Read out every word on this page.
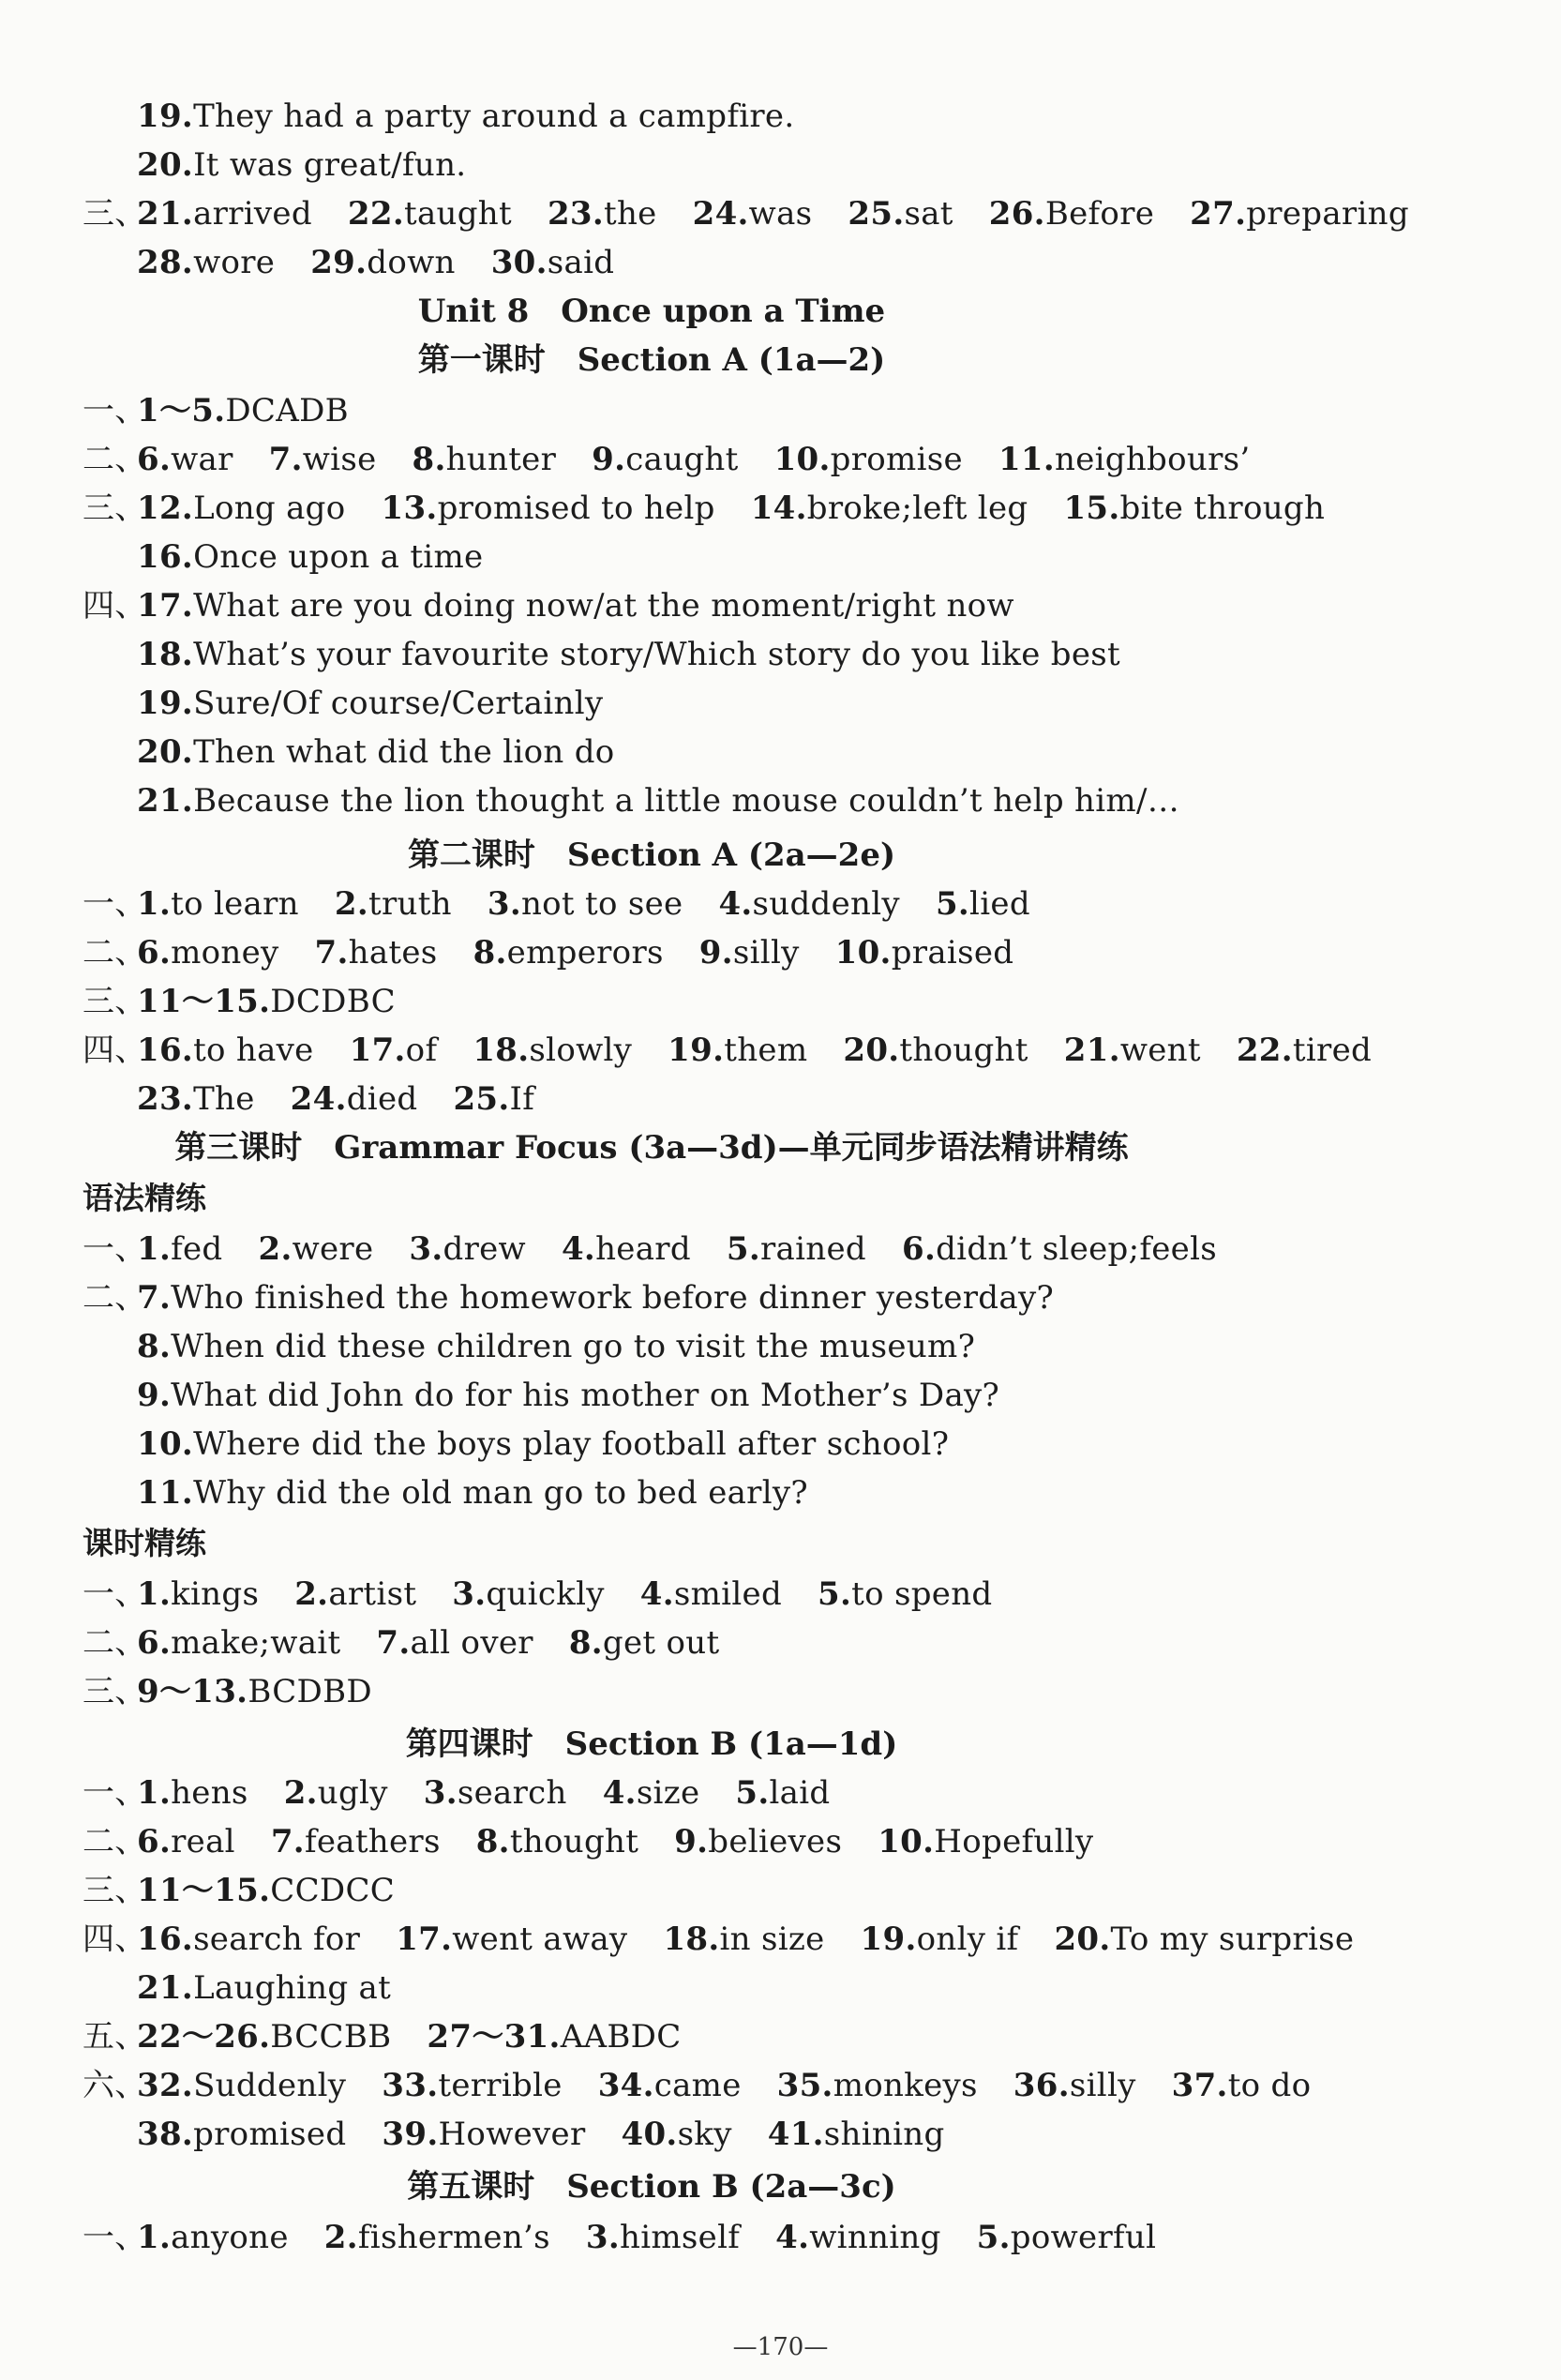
Unit 8　Once upon a Time
第一课时　Section A (1a—2)
第二课时　Section A (2a—2e)
第三课时　Grammar Focus (3a—3d)—单元同步语法精讲精练
第四课时　Section B (1a—1d)
第五课时　Section B (2a—3c)
语法精练
课时精练
19.They had a party around a campfire.
20.It was great/fun.
三、21.arrived 22.taught 23.the 24.was 25.sat 26.Before 27.preparing
28.wore 29.down 30.said
一、1～5.DCADB
二、6.war 7.wise 8.hunter 9.caught 10.promise 11.neighbours’
三、12.Long ago 13.promised to help 14.broke;left leg 15.bite through
16.Once upon a time
四、17.What are you doing now/at the moment/right now
18.What’s your favourite story/Which story do you like best
19.Sure/Of course/Certainly
20.Then what did the lion do
21.Because the lion thought a little mouse couldn’t help him/…
一、1.to learn 2.truth 3.not to see 4.suddenly 5.lied
二、6.money 7.hates 8.emperors 9.silly 10.praised
三、11～15.DCDBC
四、16.to have 17.of 18.slowly 19.them 20.thought 21.went 22.tired
23.The 24.died 25.If
一、1.fed 2.were 3.drew 4.heard 5.rained 6.didn’t sleep;feels
二、7.Who finished the homework before dinner yesterday?
8.When did these children go to visit the museum?
9.What did John do for his mother on Mother’s Day?
10.Where did the boys play football after school?
11.Why did the old man go to bed early?
一、1.kings 2.artist 3.quickly 4.smiled 5.to spend
二、6.make;wait 7.all over 8.get out
三、9～13.BCDBD
一、1.hens 2.ugly 3.search 4.size 5.laid
二、6.real 7.feathers 8.thought 9.believes 10.Hopefully
三、11～15.CCDCC
四、16.search for 17.went away 18.in size 19.only if 20.To my surprise
21.Laughing at
五、22～26.BCCBB 27～31.AABDC
六、32.Suddenly 33.terrible 34.came 35.monkeys 36.silly 37.to do
38.promised 39.However 40.sky 41.shining
一、1.anyone 2.fishermen’s 3.himself 4.winning 5.powerful
— 170 —
